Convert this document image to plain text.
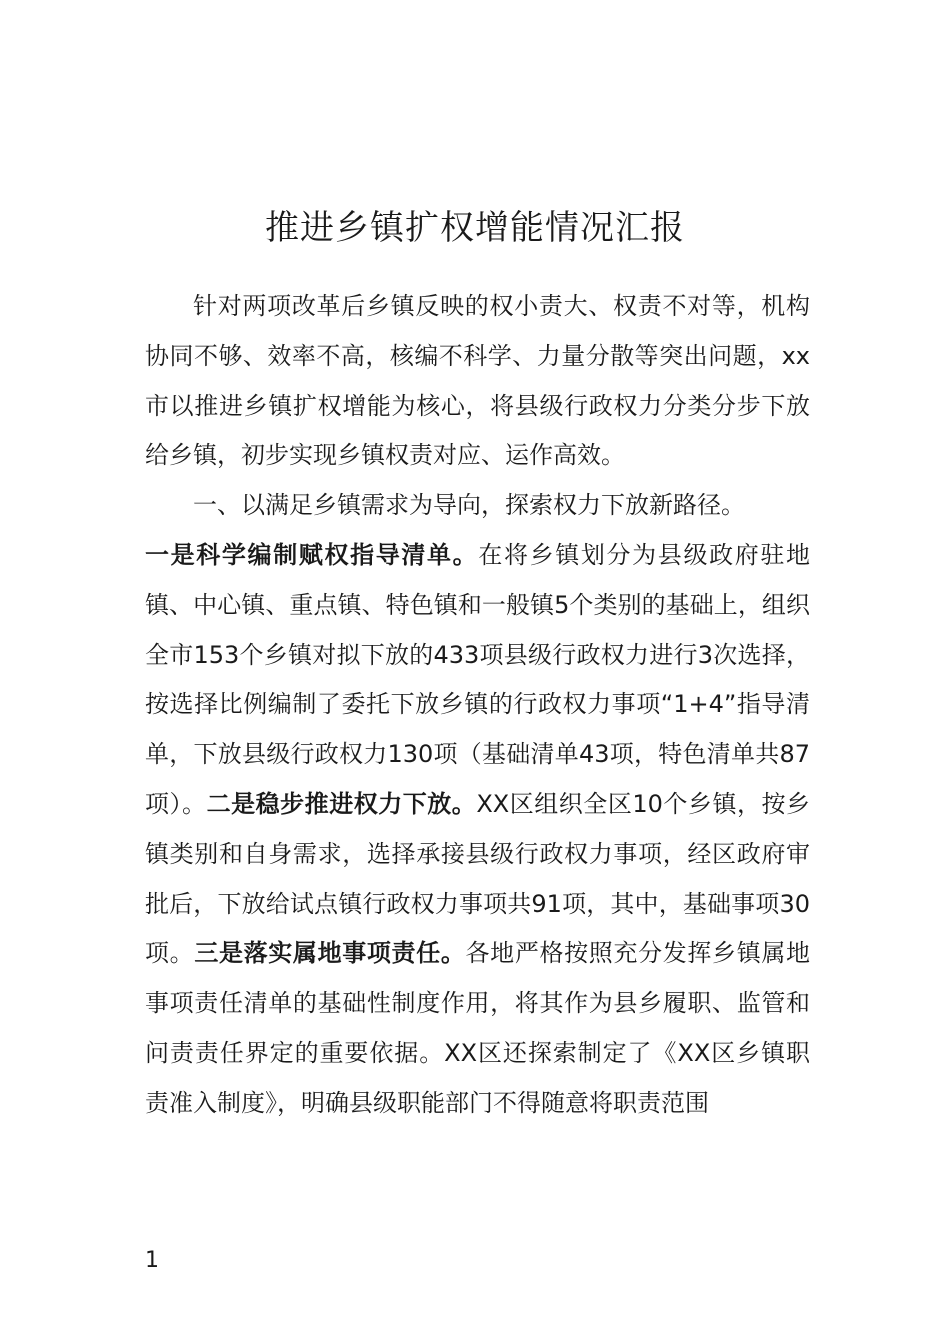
推进乡镇扩权增能情况汇报

针对两项改革后乡镇反映的权小责大、权责不对等，机构协同不够、效率不高，核编不科学、力量分散等突出问题，xx市以推进乡镇扩权增能为核心，将县级行政权力分类分步下放给乡镇，初步实现乡镇权责对应、运作高效。

一、以满足乡镇需求为导向，探索权力下放新路径。

一是科学编制赋权指导清单。在将乡镇划分为县级政府驻地镇、中心镇、重点镇、特色镇和一般镇5个类别的基础上，组织全市153个乡镇对拟下放的433项县级行政权力进行3次选择，按选择比例编制了委托下放乡镇的行政权力事项“1+4”指导清单，下放县级行政权力130项（基础清单43项，特色清单共87项）。二是稳步推进权力下放。XX区组织全区10个乡镇，按乡镇类别和自身需求，选择承接县级行政权力事项，经区政府审批后，下放给试点镇行政权力事项共91项，其中，基础事项30项。三是落实属地事项责任。各地严格按照充分发挥乡镇属地事项责任清单的基础性制度作用，将其作为县乡履职、监管和问责责任界定的重要依据。XX区还探索制定了《XX区乡镇职责准入制度》，明确县级职能部门不得随意将职责范围

1
